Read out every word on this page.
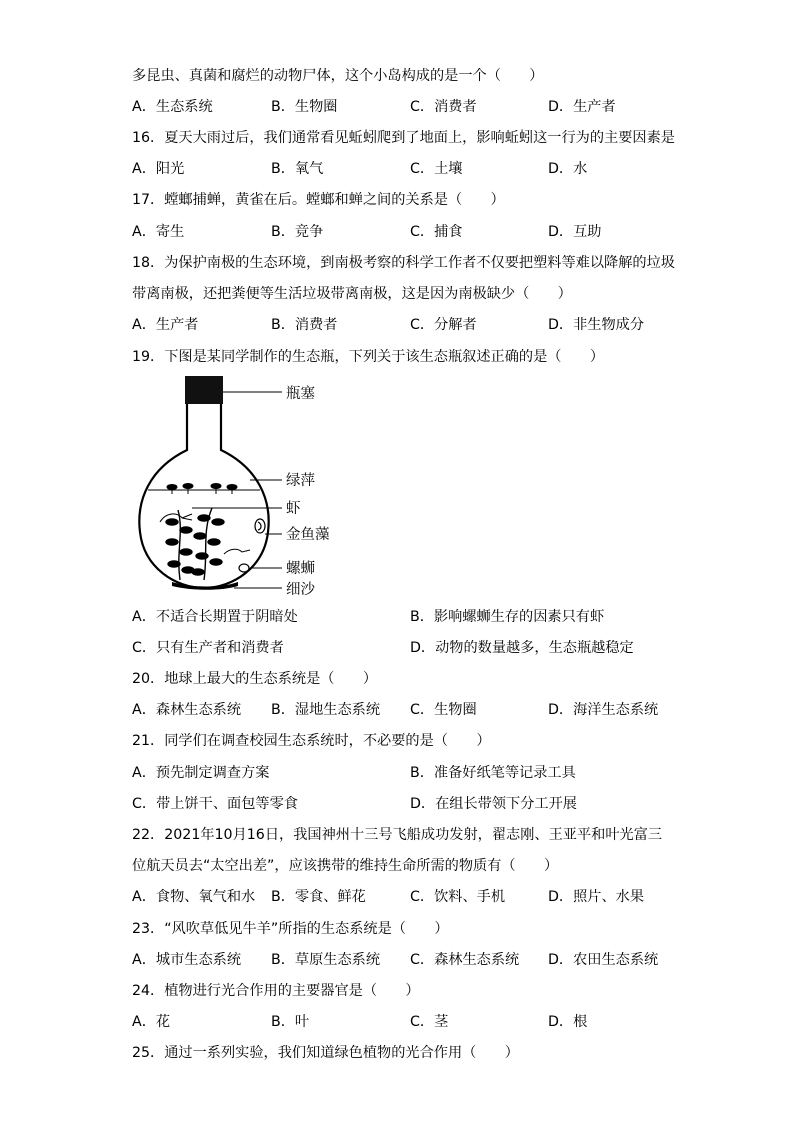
多昆虫、真菌和腐烂的动物尸体，这个小岛构成的是一个（　　）
A．生态系统	B．生物圈	C．消费者	D．生产者
16．夏天大雨过后，我们通常看见蚯蚓爬到了地面上，影响蚯蚓这一行为的主要因素是
A．阳光	B．氧气	C．土壤	D．水
17．螳螂捕蝉，黄雀在后。螳螂和蝉之间的关系是（　　）
A．寄生	B．竞争	C．捕食	D．互助
18．为保护南极的生态环境，到南极考察的科学工作者不仅要把塑料等难以降解的垃圾
带离南极，还把粪便等生活垃圾带离南极，这是因为南极缺少（　　）
A．生产者	B．消费者	C．分解者	D．非生物成分
19．下图是某同学制作的生态瓶，下列关于该生态瓶叙述正确的是（　　）
瓶塞
绿萍
虾
金鱼藻
螺蛳
细沙
A．不适合长期置于阴暗处	B．影响螺蛳生存的因素只有虾
C．只有生产者和消费者	D．动物的数量越多，生态瓶越稳定
20．地球上最大的生态系统是（　　）
A．森林生态系统 B．湿地生态系统 C．生物圈	D．海洋生态系统
21．同学们在调查校园生态系统时，不必要的是（　　）
A．预先制定调查方案	B．准备好纸笔等记录工具
C．带上饼干、面包等零食	D．在组长带领下分工开展
22．2021年10月16日，我国神州十三号飞船成功发射，翟志刚、王亚平和叶光富三
位航天员去“太空出差”，应该携带的维持生命所需的物质有（　　）
A．食物、氧气和水 B．零食、鲜花	C．饮料、手机	D．照片、水果
23．“风吹草低见牛羊”所指的生态系统是（　　）
A．城市生态系统 B．草原生态系统 C．森林生态系统 D．农田生态系统
24．植物进行光合作用的主要器官是（　　）
A．花	B．叶	C．茎	D．根
25．通过一系列实验，我们知道绿色植物的光合作用（　　）
